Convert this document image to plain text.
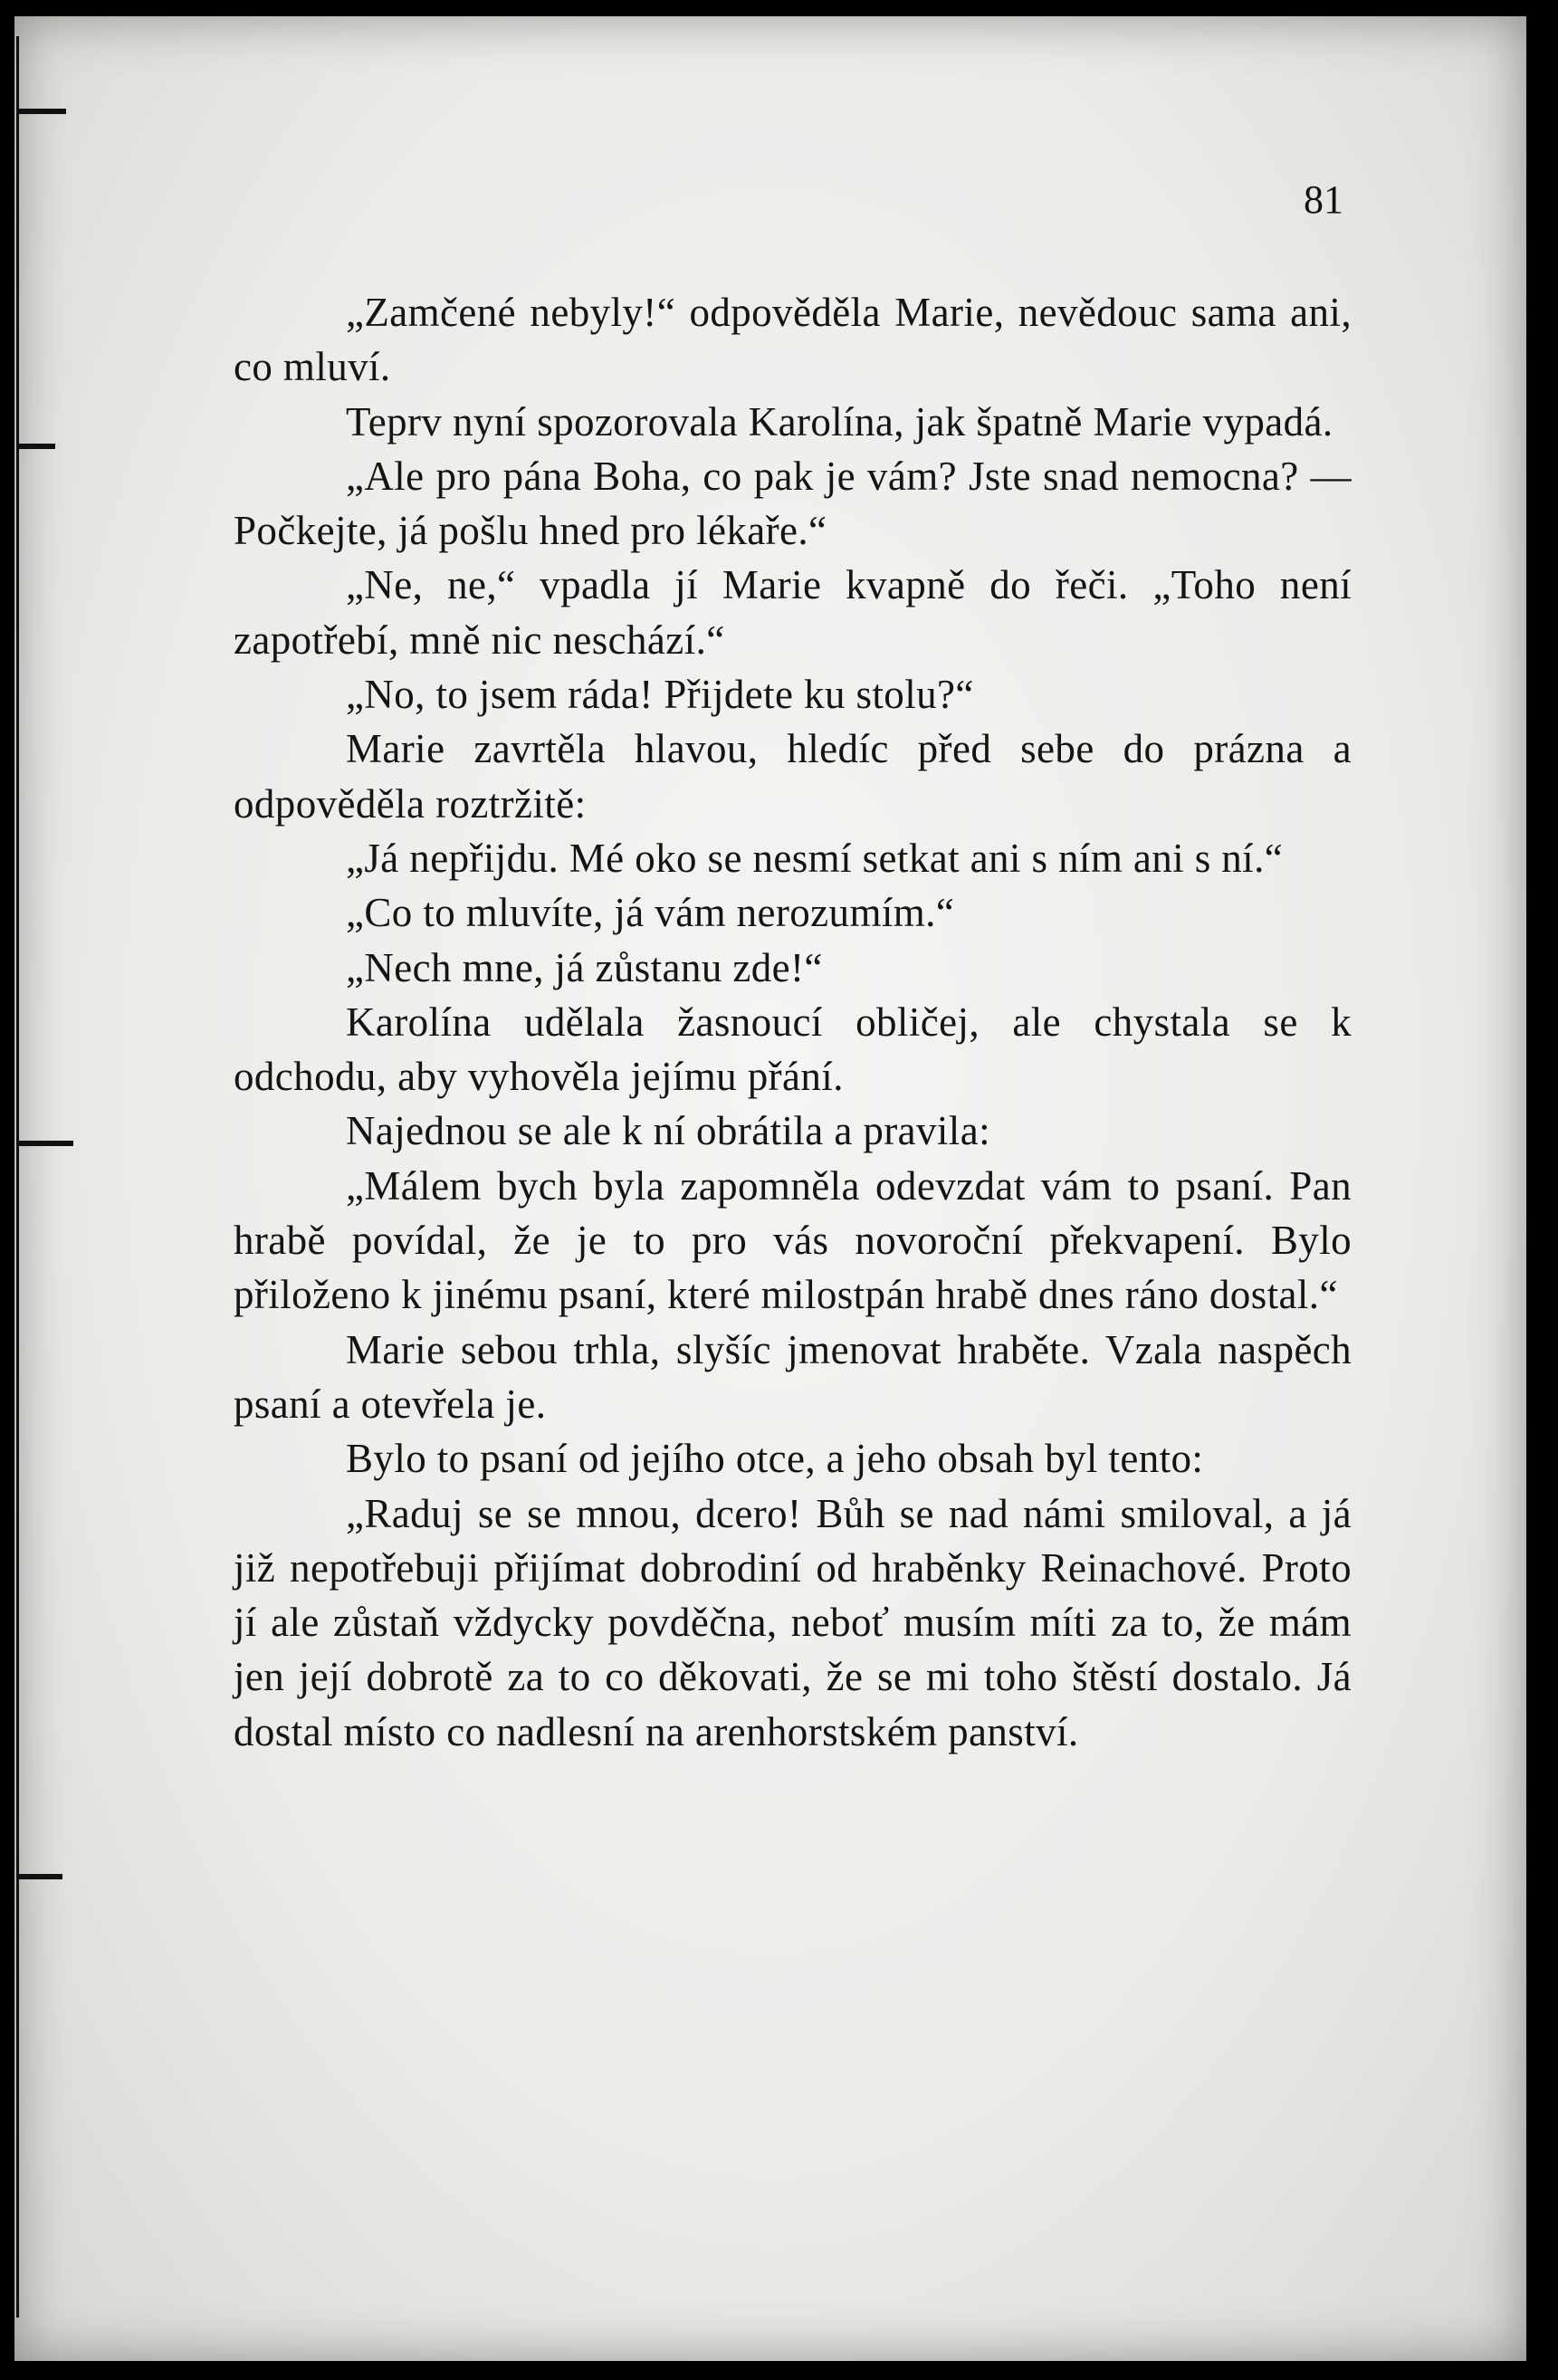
81

„Zamčené nebyly!“ odpověděla Marie, nevědouc sama ani, co mluví.

Teprv nyní spozorovala Karolína, jak špatně Marie vypadá.

„Ale pro pána Boha, co pak je vám? Jste snad nemocna? — Počkejte, já pošlu hned pro lékaře.“

„Ne, ne,“ vpadla jí Marie kvapně do řeči. „Toho není zapotřebí, mně nic neschází.“

„No, to jsem ráda! Přijdete ku stolu?“

Marie zavrtěla hlavou, hledíc před sebe do prázna a odpověděla roztržitě:

„Já nepřijdu. Mé oko se nesmí setkat ani s ním ani s ní.“

„Co to mluvíte, já vám nerozumím.“

„Nech mne, já zůstanu zde!“

Karolína udělala žasnoucí obličej, ale chystala se k odchodu, aby vyhověla jejímu přání.

Najednou se ale k ní obrátila a pravila:

„Málem bych byla zapomněla odevzdat vám to psaní. Pan hrabě povídal, že je to pro vás novoroční překvapení. Bylo přiloženo k jinému psaní, které milostpán hrabě dnes ráno dostal.“

Marie sebou trhla, slyšíc jmenovat hraběte. Vzala naspěch psaní a otevřela je.

Bylo to psaní od jejího otce, a jeho obsah byl tento:

„Raduj se se mnou, dcero! Bůh se nad námi smiloval, a já již nepotřebuji přijímat dobrodiní od hraběnky Reinachové. Proto jí ale zůstaň vždycky povděčna, neboť musím míti za to, že mám jen její dobrotě za to co děkovati, že se mi toho štěstí dostalo. Já dostal místo co nadlesní na arenhorstském panství.
